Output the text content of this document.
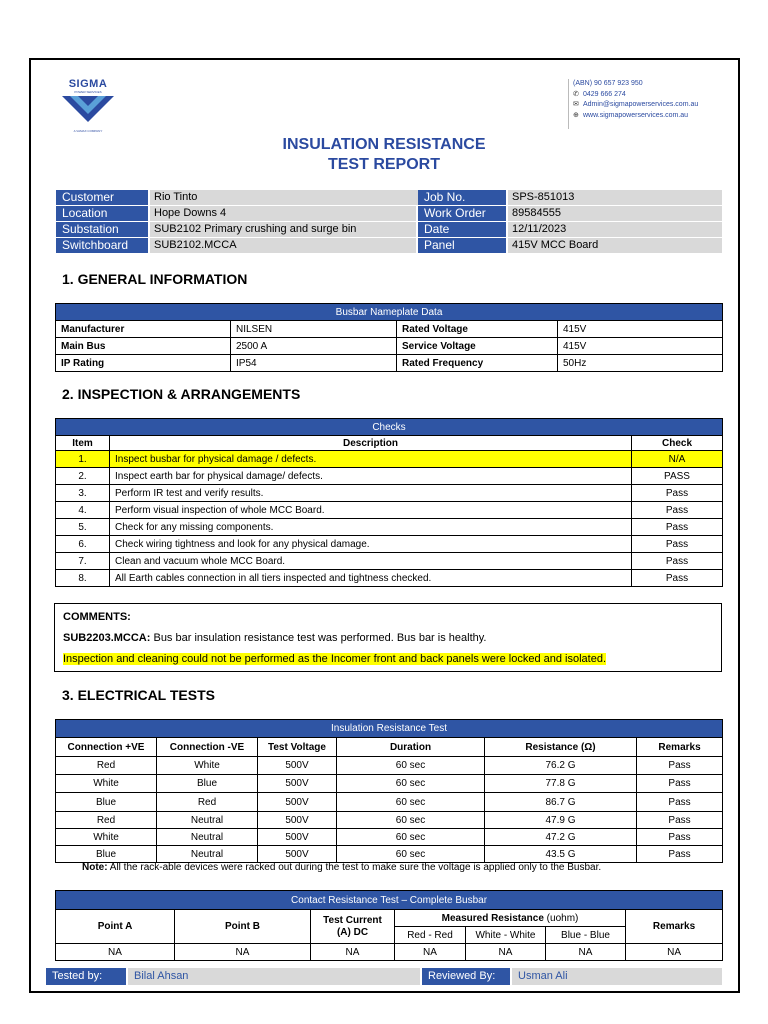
SIGMA
POWER SERVICES
A VAMAX COMPANY
(ABN) 90 657 923 950
✆ 0429 666 274
✉ Admin@sigmapowerservices.com.au
⊕ www.sigmapowerservices.com.au
INSULATION RESISTANCE
TEST REPORT
Customer	Rio Tinto	Job No.	SPS-851013
Location	Hope Downs 4	Work Order	89584555
Substation	SUB2102 Primary crushing and surge bin	Date	12/11/2023
Switchboard	SUB2102.MCCA	Panel	415V MCC Board
1. GENERAL INFORMATION
Busbar Nameplate Data			
Manufacturer	NILSEN	Rated Voltage	415V
Main Bus	2500 A	Service Voltage	415V
IP Rating	IP54	Rated Frequency	50Hz
2. INSPECTION & ARRANGEMENTS
Checks		
Item	Description	Check
1.	Inspect busbar for physical damage / defects.	N/A
2.	Inspect earth bar for physical damage/ defects.	PASS
3.	Perform IR test and verify results.	Pass
4.	Perform visual inspection of whole MCC Board.	Pass
5.	Check for any missing components.	Pass
6.	Check wiring tightness and look for any physical damage.	Pass
7.	Clean and vacuum whole MCC Board.	Pass
8.	All Earth cables connection in all tiers inspected and tightness checked.	Pass

COMMENTS:

SUB2203.MCCA: Bus bar insulation resistance test was performed. Bus bar is healthy.

Inspection and cleaning could not be performed as the Incomer front and back panels were locked and isolated.

3. ELECTRICAL TESTS
Insulation Resistance Test					
Connection +VE	Connection -VE	Test Voltage	Duration	Resistance (Ω)	Remarks
Red	White	500V	60 sec	76.2 G	Pass
White	Blue	500V	60 sec	77.8 G	Pass
Blue	Red	500V	60 sec	86.7 G	Pass
Red	Neutral	500V	60 sec	47.9 G	Pass
White	Neutral	500V	60 sec	47.2 G	Pass
Blue	Neutral	500V	60 sec	43.5 G	Pass
Note: All the rack-able devices were racked out during the test to make sure the voltage is applied only to the Busbar.
Contact Resistance Test – Complete Busbar						
Point A	Point B	Test Current (A) DC	Measured Resistance (uohm)			Remarks
			Red - Red	White - White	Blue - Blue	
NA	NA	NA	NA	NA	NA	NA
Tested by:	Bilal Ahsan	Reviewed By:	Usman Ali
